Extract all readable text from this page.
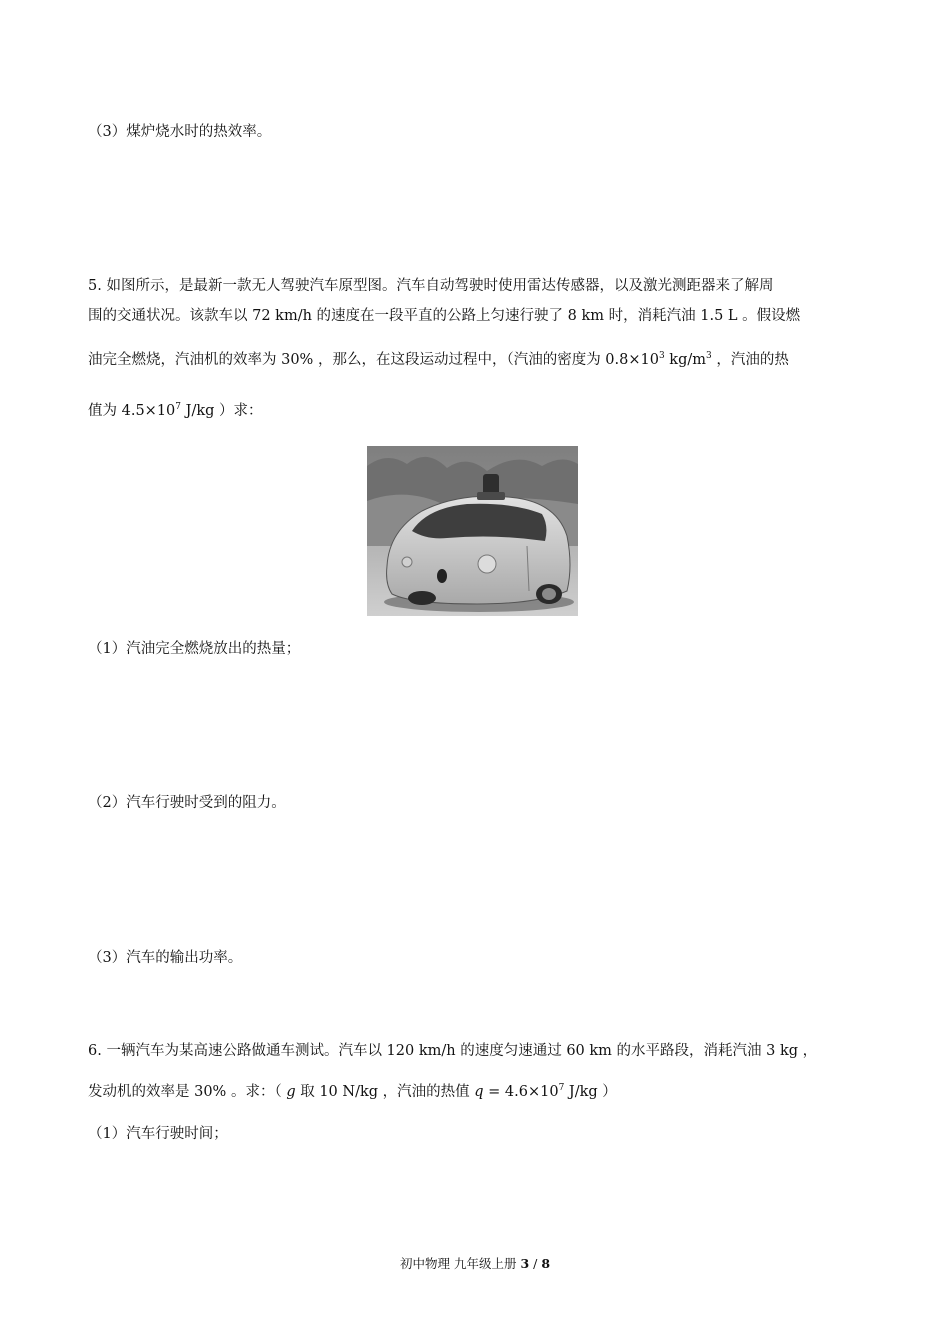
（3）煤炉烧水时的热效率。
5. 如图所示，是最新一款无人驾驶汽车原型图。汽车自动驾驶时使用雷达传感器，以及激光测距器来了解周
围的交通状况。该款车以 72 km/h 的速度在一段平直的公路上匀速行驶了 8 km 时，消耗汽油 1.5 L 。假设燃
油完全燃烧，汽油机的效率为 30% ，那么，在这段运动过程中，（汽油的密度为 $0.8\times 10^3$ $kg/m^3$ ，汽油的热
值为 $4.5\times 10^7$ J/kg ）求：
（1）汽油完全燃烧放出的热量；
（2）汽车行驶时受到的阻力。
（3）汽车的输出功率。
6. 一辆汽车为某高速公路做通车测试。汽车以 120 km/h 的速度匀速通过 60 km 的水平路段，消耗汽油 3 kg ，
发动机的效率是 30% 。求：（ g 取 10 N/kg ，汽油的热值 $q = 4.6\times 10^7$ J/kg ）
（1）汽车行驶时间；
初中物理 九年级上册 3 / 8
